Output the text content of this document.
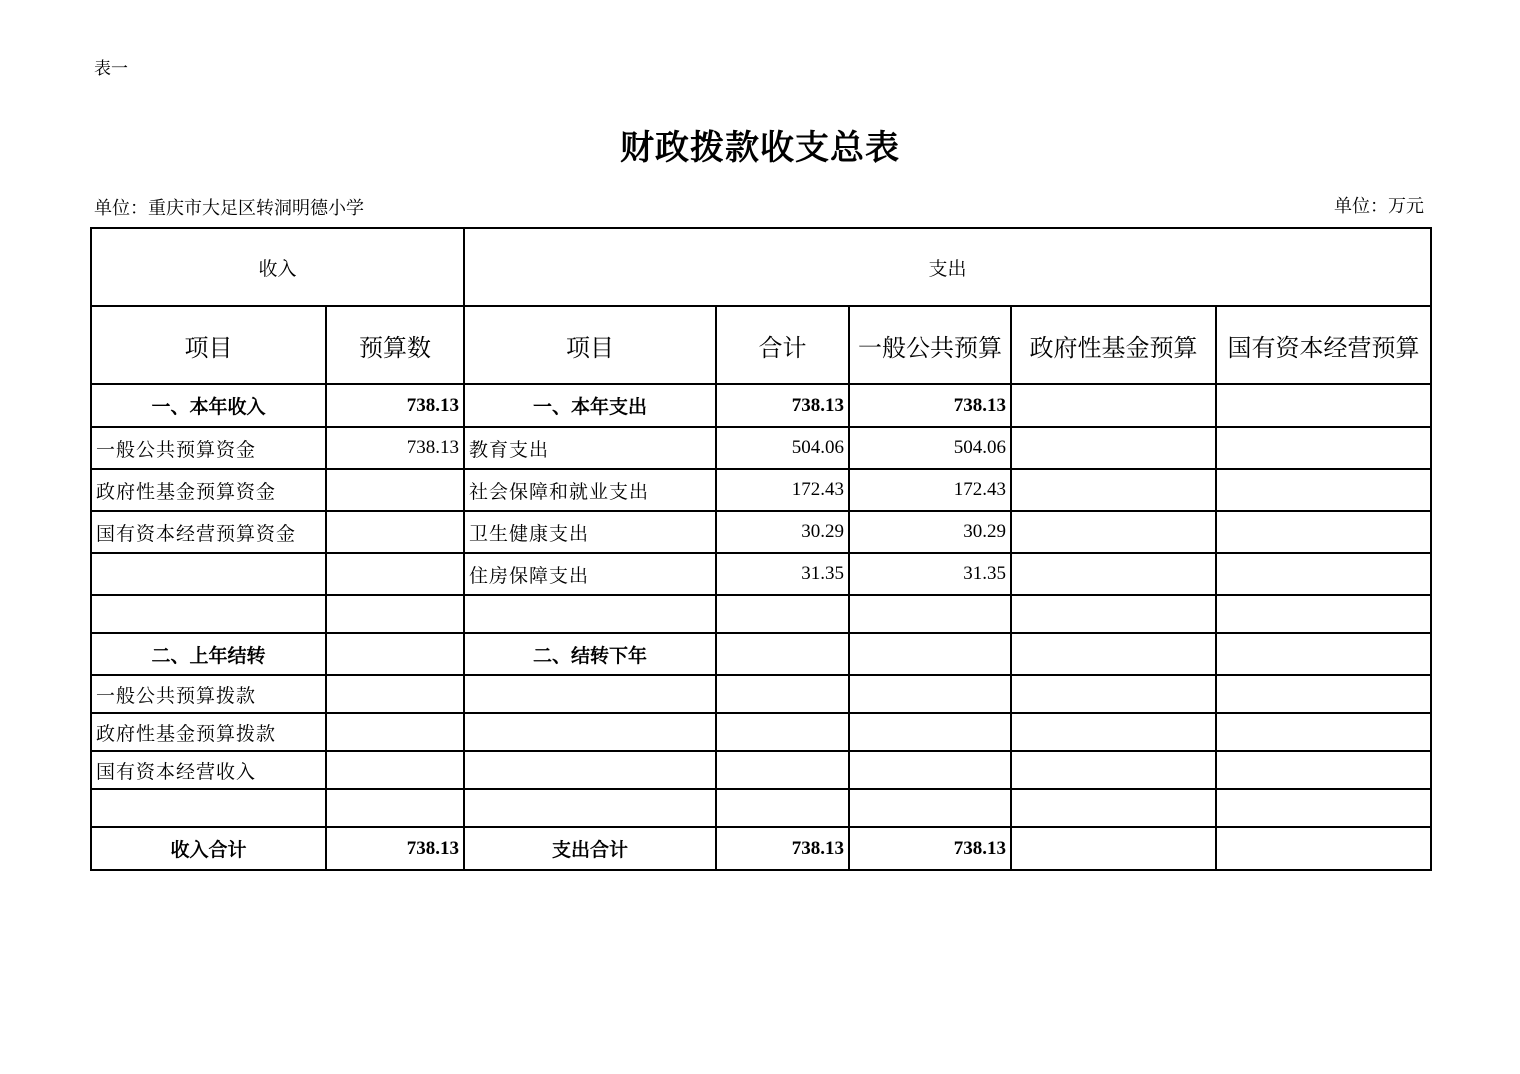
表一
财政拨款收支总表
单位：重庆市大足区转洞明德小学	单位：万元
收入		支出				
项目	预算数	项目	合计	一般公共预算	政府性基金预算	国有资本经营预算
一、本年收入	738.13	一、本年支出	738.13	738.13		
一般公共预算资金	738.13	教育支出	504.06	504.06		
政府性基金预算资金		社会保障和就业支出	172.43	172.43		
国有资本经营预算资金		卫生健康支出	30.29	30.29		
		住房保障支出	31.35	31.35		

二、上年结转		二、结转下年				
一般公共预算拨款						
政府性基金预算拨款						
国有资本经营收入						

收入合计	738.13	支出合计	738.13	738.13		
